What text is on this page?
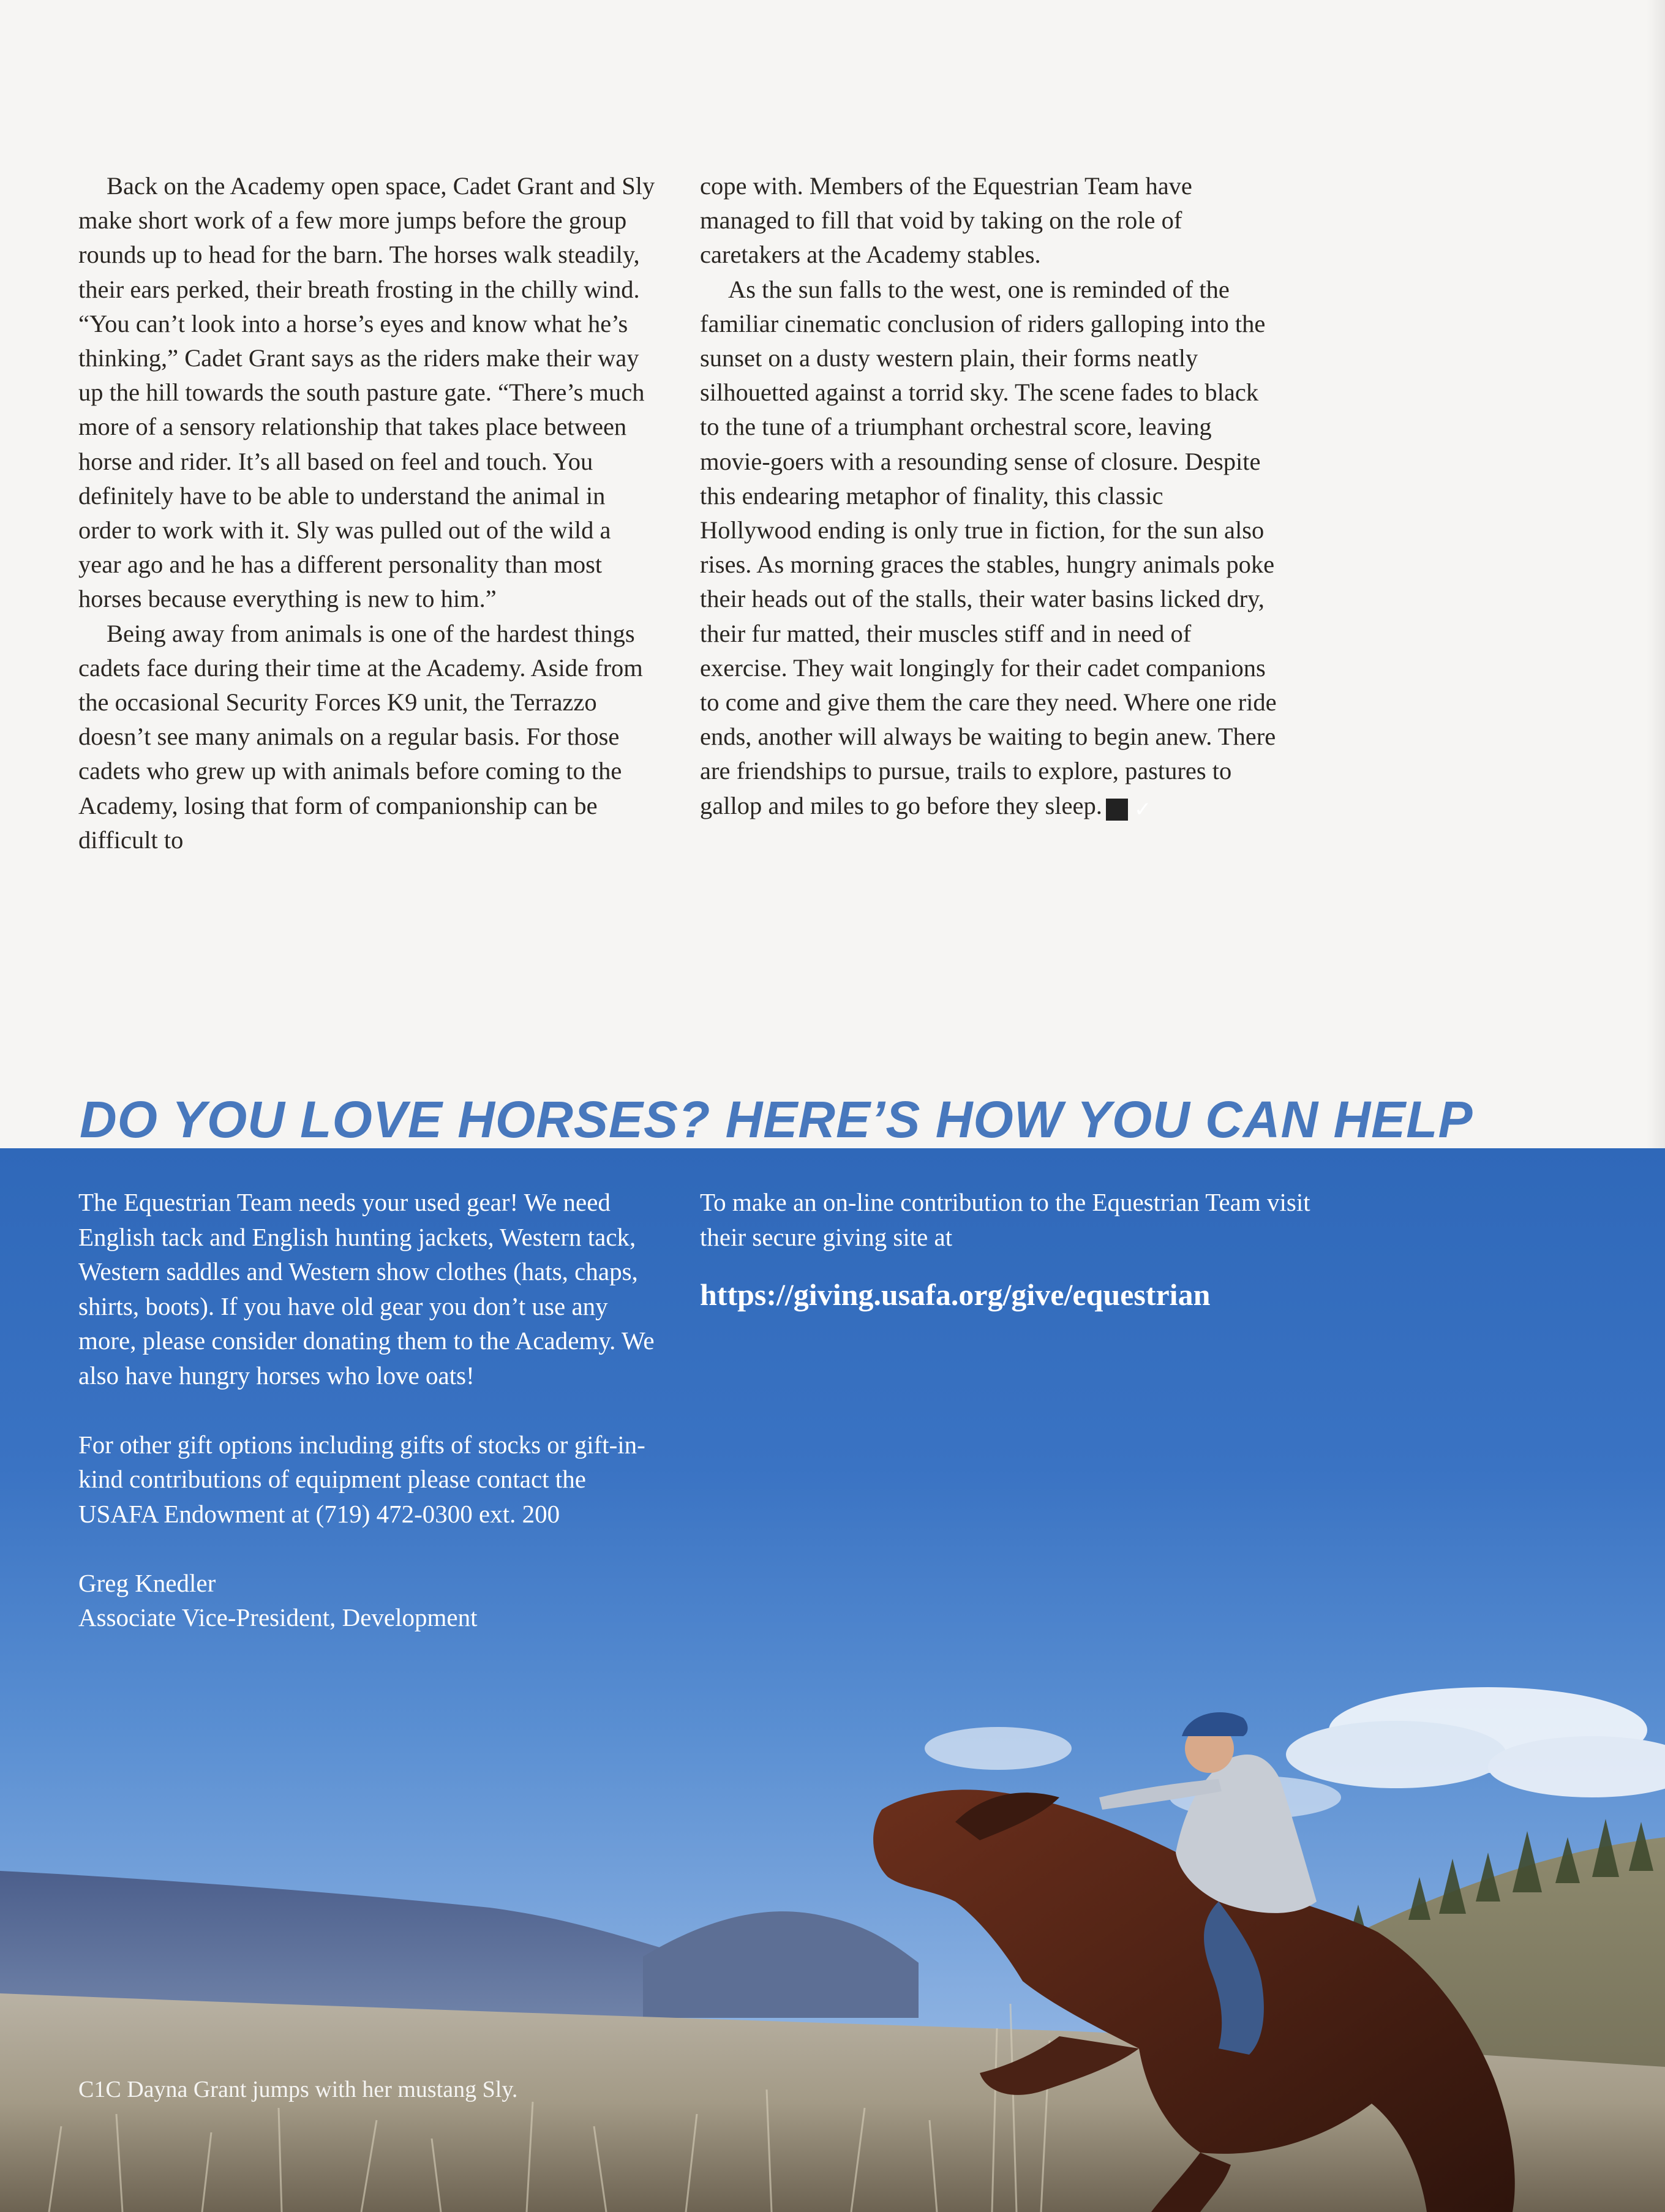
Back on the Academy open space, Cadet Grant and Sly make short work of a few more jumps before the group rounds up to head for the barn. The horses walk steadily, their ears perked, their breath frosting in the chilly wind. “You can’t look into a horse’s eyes and know what he’s thinking,” Cadet Grant says as the riders make their way up the hill towards the south pasture gate. “There’s much more of a sensory relationship that takes place between horse and rider. It’s all based on feel and touch. You definitely have to be able to understand the animal in order to work with it. Sly was pulled out of the wild a year ago and he has a different personality than most horses because everything is new to him.”

Being away from animals is one of the hardest things cadets face during their time at the Academy. Aside from the occasional Security Forces K9 unit, the Terrazzo doesn’t see many animals on a regular basis. For those cadets who grew up with animals before coming to the Academy, losing that form of companionship can be difficult to

cope with. Members of the Equestrian Team have managed to fill that void by taking on the role of caretakers at the Academy stables.

As the sun falls to the west, one is reminded of the familiar cinematic conclusion of riders galloping into the sunset on a dusty western plain, their forms neatly silhouetted against a torrid sky. The scene fades to black to the tune of a triumphant orchestral score, leaving movie-goers with a resounding sense of closure. Despite this endearing metaphor of finality, this classic Hollywood ending is only true in fiction, for the sun also rises. As morning graces the stables, hungry animals poke their heads out of the stalls, their water basins licked dry, their fur matted, their muscles stiff and in need of exercise. They wait longingly for their cadet companions to come and give them the care they need. Where one ride ends, another will always be waiting to begin anew. There are friendships to pursue, trails to explore, pastures to gallop and miles to go before they sleep. ✓

DO YOU LOVE HORSES? HERE’S HOW YOU CAN HELP

The Equestrian Team needs your used gear! We need English tack and English hunting jackets, Western tack, Western saddles and Western show clothes (hats, chaps, shirts, boots). If you have old gear you don’t use any more, please consider donating them to the Academy. We also have hungry horses who love oats!

For other gift options including gifts of stocks or gift-in-kind contributions of equipment please contact the USAFA Endowment at (719) 472-0300 ext. 200

Greg Knedler
Associate Vice-President, Development

To make an on-line contribution to the Equestrian Team visit their secure giving site at

https://giving.usafa.org/give/equestrian
C1C Dayna Grant jumps with her mustang Sly.
